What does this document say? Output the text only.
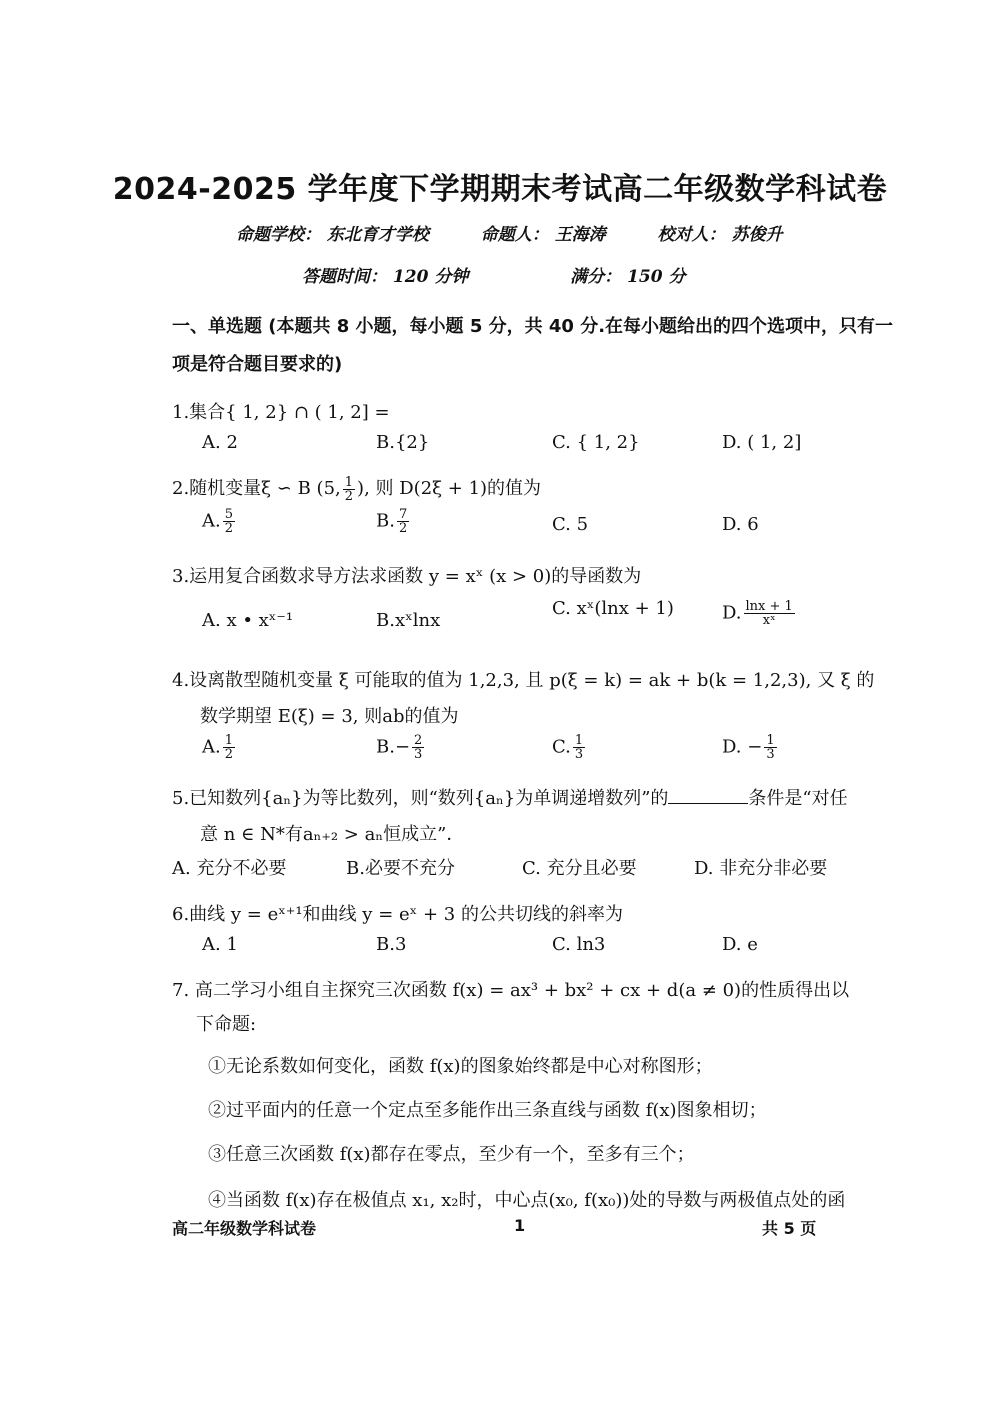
2024-2025 学年度下学期期末考试高二年级数学科试卷
命题学校： 东北育才学校	命题人： 王海涛	校对人： 苏俊升
答题时间： 120 分钟	满分： 150 分
一、单选题 (本题共 8 小题，每小题 5 分，共 40 分.在每小题给出的四个选项中，只有一
项是符合题目要求的)
1.集合{ 1, 2} ∩ ( 1, 2] =
A. 2	B.{2}	C. { 1, 2}	D. ( 1, 2]
2.随机变量ξ ∽ B (5, $\frac{1}{2}$ ), 则 D(2ξ + 1)的值为
A. $\frac{5}{2}$	B. $\frac{7}{2}$	C. 5	D. 6
3.运用复合函数求导方法求函数 y = xˣ (x > 0)的导函数为
A. x • xˣ⁻¹	B.xˣlnx
C. xˣ(lnx + 1)	D. $\frac{\ln x + 1}{\text{xˣ}}$
4.设离散型随机变量 ξ 可能取的值为 1,2,3, 且 p(ξ = k) = ak + b(k = 1,2,3), 又 ξ 的
数学期望 E(ξ) = 3, 则ab的值为
A. $\frac{1}{2}$	$B.- \frac{2}{3}$	C. $\frac{1}{3}$	D. − $\frac{1}{3}$
5.已知数列{aₙ}为等比数列，则“数列{aₙ}为单调递增数列”的	条件是“对任
意 n ∈ N*有aₙ₊₂ > aₙ恒成立”．
A. 充分不必要	B.必要不充分	C. 充分且必要	D. 非充分非必要
6.曲线 y = eˣ⁺¹和曲线 y = eˣ + 3 的公共切线的斜率为
A. 1	B.3	C. ln3	D. e
7. 高二学习小组自主探究三次函数 f(x) = ax³ + bx² + cx + d(a ≠ 0)的性质得出以
下命题:
①无论系数如何变化，函数 f(x)的图象始终都是中心对称图形；
②过平面内的任意一个定点至多能作出三条直线与函数 f(x)图象相切；
③任意三次函数 f(x)都存在零点，至少有一个，至多有三个；
④当函数 f(x)存在极值点 x₁, x₂时，中心点(x₀, f(x₀))处的导数与两极值点处的函
高二年级数学科试卷	1	共 5 页
